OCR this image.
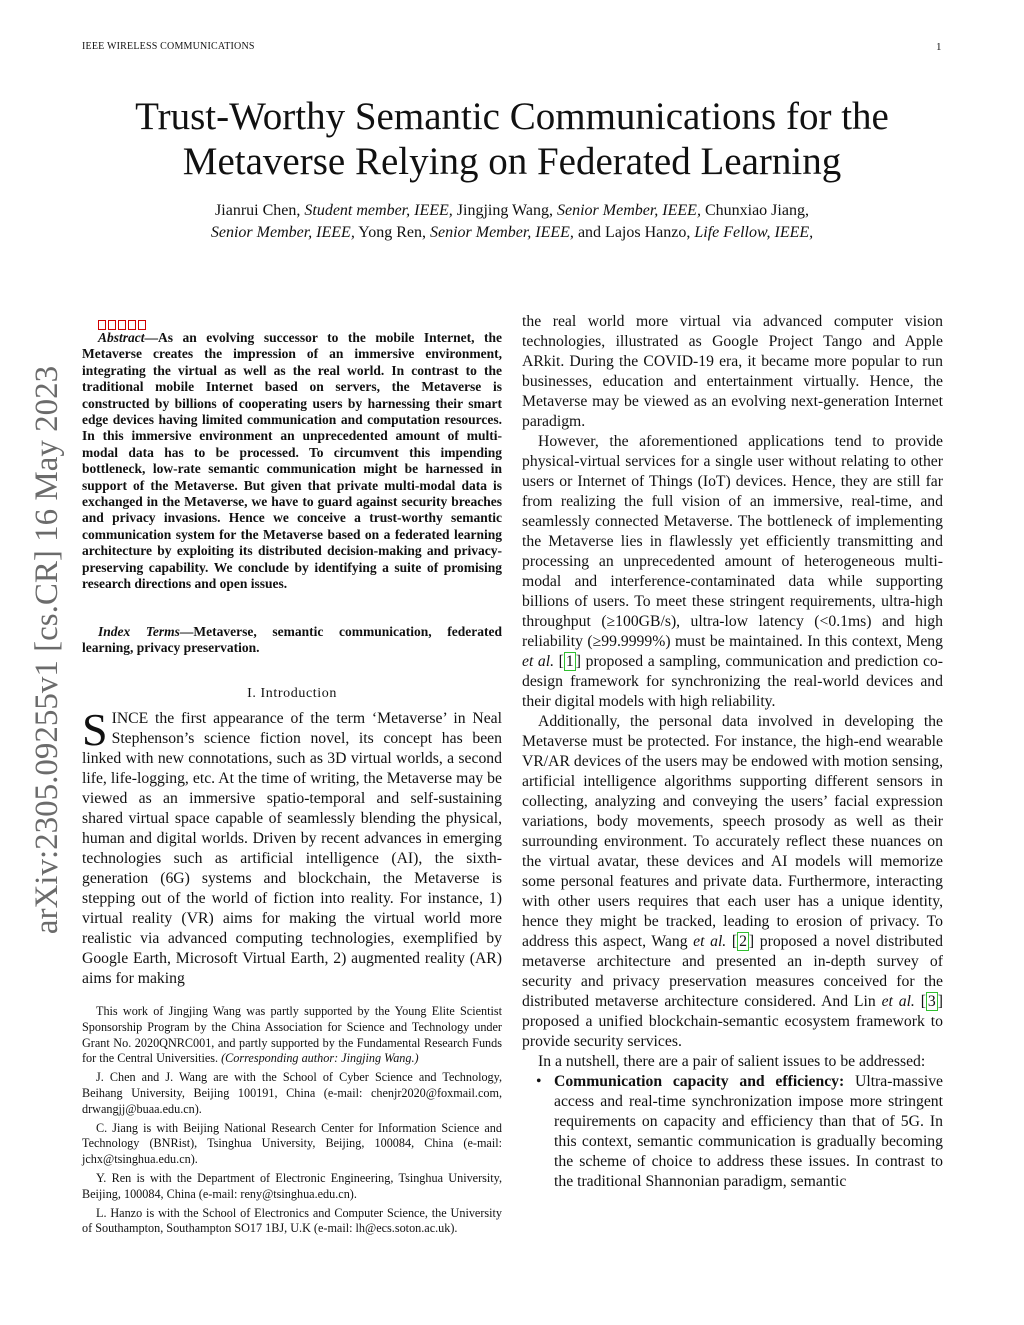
IEEE WIRELESS COMMUNICATIONS	1
Trust-Worthy Semantic Communications for the
Metaverse Relying on Federated Learning
Jianrui Chen, Student member, IEEE, Jingjing Wang, Senior Member, IEEE, Chunxiao Jiang,
Senior Member, IEEE, Yong Ren, Senior Member, IEEE, and Lajos Hanzo, Life Fellow, IEEE,
arXiv:2305.09255v1 [cs.CR] 16 May 2023

Abstract—As an evolving successor to the mobile Internet, the Metaverse creates the impression of an immersive environment, integrating the virtual as well as the real world. In contrast to the traditional mobile Internet based on servers, the Metaverse is constructed by billions of cooperating users by harnessing their smart edge devices having limited communication and computation resources. In this immersive environment an unprecedented amount of multi-modal data has to be processed. To circumvent this impending bottleneck, low-rate semantic communication might be harnessed in support of the Metaverse. But given that private multi-modal data is exchanged in the Metaverse, we have to guard against security breaches and privacy invasions. Hence we conceive a trust-worthy semantic communication system for the Metaverse based on a federated learning architecture by exploiting its distributed decision-making and privacy-preserving capability. We conclude by identifying a suite of promising research directions and open issues.

Index Terms—Metaverse, semantic communication, federated learning, privacy preservation.

I. Introduction
SINCE the first appearance of the term ‘Metaverse’ in Neal Stephenson’s science fiction novel, its concept has been linked with new connotations, such as 3D virtual worlds, a second life, life-logging, etc. At the time of writing, the Metaverse may be viewed as an immersive spatio-temporal and self-sustaining shared virtual space capable of seamlessly blending the physical, human and digital worlds. Driven by recent advances in emerging technologies such as artificial intelligence (AI), the sixth-generation (6G) systems and blockchain, the Metaverse is stepping out of the world of fiction into reality. For instance, 1) virtual reality (VR) aims for making the virtual world more realistic via advanced computing technologies, exemplified by Google Earth, Microsoft Virtual Earth, 2) augmented reality (AR) aims for making

This work of Jingjing Wang was partly supported by the Young Elite Scientist Sponsorship Program by the China Association for Science and Technology under Grant No. 2020QNRC001, and partly supported by the Fundamental Research Funds for the Central Universities. (Corresponding author: Jingjing Wang.)

J. Chen and J. Wang are with the School of Cyber Science and Technology, Beihang University, Beijing 100191, China (e-mail: chenjr2020@foxmail.com, drwangjj@buaa.edu.cn).

C. Jiang is with Beijing National Research Center for Information Science and Technology (BNRist), Tsinghua University, Beijing, 100084, China (e-mail: jchx@tsinghua.edu.cn).

Y. Ren is with the Department of Electronic Engineering, Tsinghua University, Beijing, 100084, China (e-mail: reny@tsinghua.edu.cn).

L. Hanzo is with the School of Electronics and Computer Science, the University of Southampton, Southampton SO17 1BJ, U.K (e-mail: lh@ecs.soton.ac.uk).

the real world more virtual via advanced computer vision technologies, illustrated as Google Project Tango and Apple ARkit. During the COVID-19 era, it became more popular to run businesses, education and entertainment virtually. Hence, the Metaverse may be viewed as an evolving next-generation Internet paradigm.

However, the aforementioned applications tend to provide physical-virtual services for a single user without relating to other users or Internet of Things (IoT) devices. Hence, they are still far from realizing the full vision of an immersive, real-time, and seamlessly connected Metaverse. The bottleneck of implementing the Metaverse lies in flawlessly yet efficiently transmitting and processing an unprecedented amount of heterogeneous multi-modal and interference-contaminated data while supporting billions of users. To meet these stringent requirements, ultra-high throughput (≥100GB/s), ultra-low latency (<0.1ms) and high reliability (≥99.9999%) must be maintained. In this context, Meng et al. [ 1 ] proposed a sampling, communication and prediction co-design framework for synchronizing the real-world devices and their digital models with high reliability.

Additionally, the personal data involved in developing the Metaverse must be protected. For instance, the high-end wearable VR/AR devices of the users may be endowed with motion sensing, artificial intelligence algorithms supporting different sensors in collecting, analyzing and conveying the users’ facial expression variations, body movements, speech prosody as well as their surrounding environment. To accurately reflect these nuances on the virtual avatar, these devices and AI models will memorize some personal features and private data. Furthermore, interacting with other users requires that each user has a unique identity, hence they might be tracked, leading to erosion of privacy. To address this aspect, Wang et al. [ 2 ] proposed a novel distributed metaverse architecture and presented an in-depth survey of security and privacy preservation measures conceived for the distributed metaverse architecture considered. And Lin et al. [ 3 ] proposed a unified blockchain-semantic ecosystem framework to provide security services.

In a nutshell, there are a pair of salient issues to be addressed:

• Communication capacity and efficiency: Ultra-massive access and real-time synchronization impose more stringent requirements on capacity and efficiency than that of 5G. In this context, semantic communication is gradually becoming the scheme of choice to address these issues. In contrast to the traditional Shannonian paradigm, semantic
